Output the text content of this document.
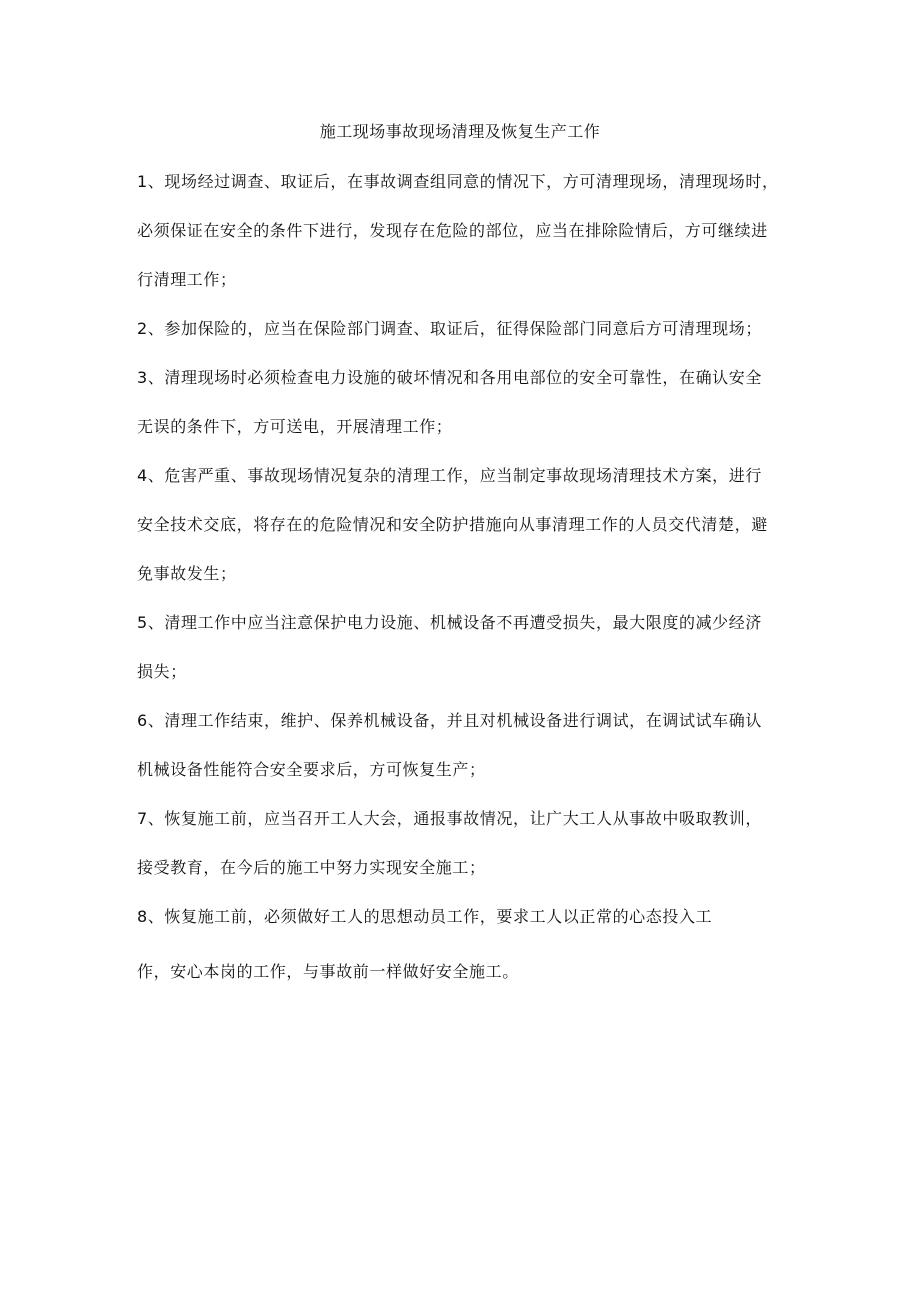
施工现场事故现场清理及恢复生产工作
1、现场经过调查、取证后，在事故调查组同意的情况下，方可清理现场，清理现场时，
必须保证在安全的条件下进行，发现存在危险的部位，应当在排除险情后，方可继续进
行清理工作；
2、参加保险的，应当在保险部门调查、取证后，征得保险部门同意后方可清理现场；
3、清理现场时必须检查电力设施的破坏情况和各用电部位的安全可靠性，在确认安全
无误的条件下，方可送电，开展清理工作；
4、危害严重、事故现场情况复杂的清理工作，应当制定事故现场清理技术方案，进行
安全技术交底，将存在的危险情况和安全防护措施向从事清理工作的人员交代清楚，避
免事故发生；
5、清理工作中应当注意保护电力设施、机械设备不再遭受损失，最大限度的减少经济
损失；
6、清理工作结束，维护、保养机械设备，并且对机械设备进行调试，在调试试车确认
机械设备性能符合安全要求后，方可恢复生产；
7、恢复施工前，应当召开工人大会，通报事故情况，让广大工人从事故中吸取教训，
接受教育，在今后的施工中努力实现安全施工；
8、恢复施工前，必须做好工人的思想动员工作，要求工人以正常的心态投入工
作，安心本岗的工作，与事故前一样做好安全施工。
